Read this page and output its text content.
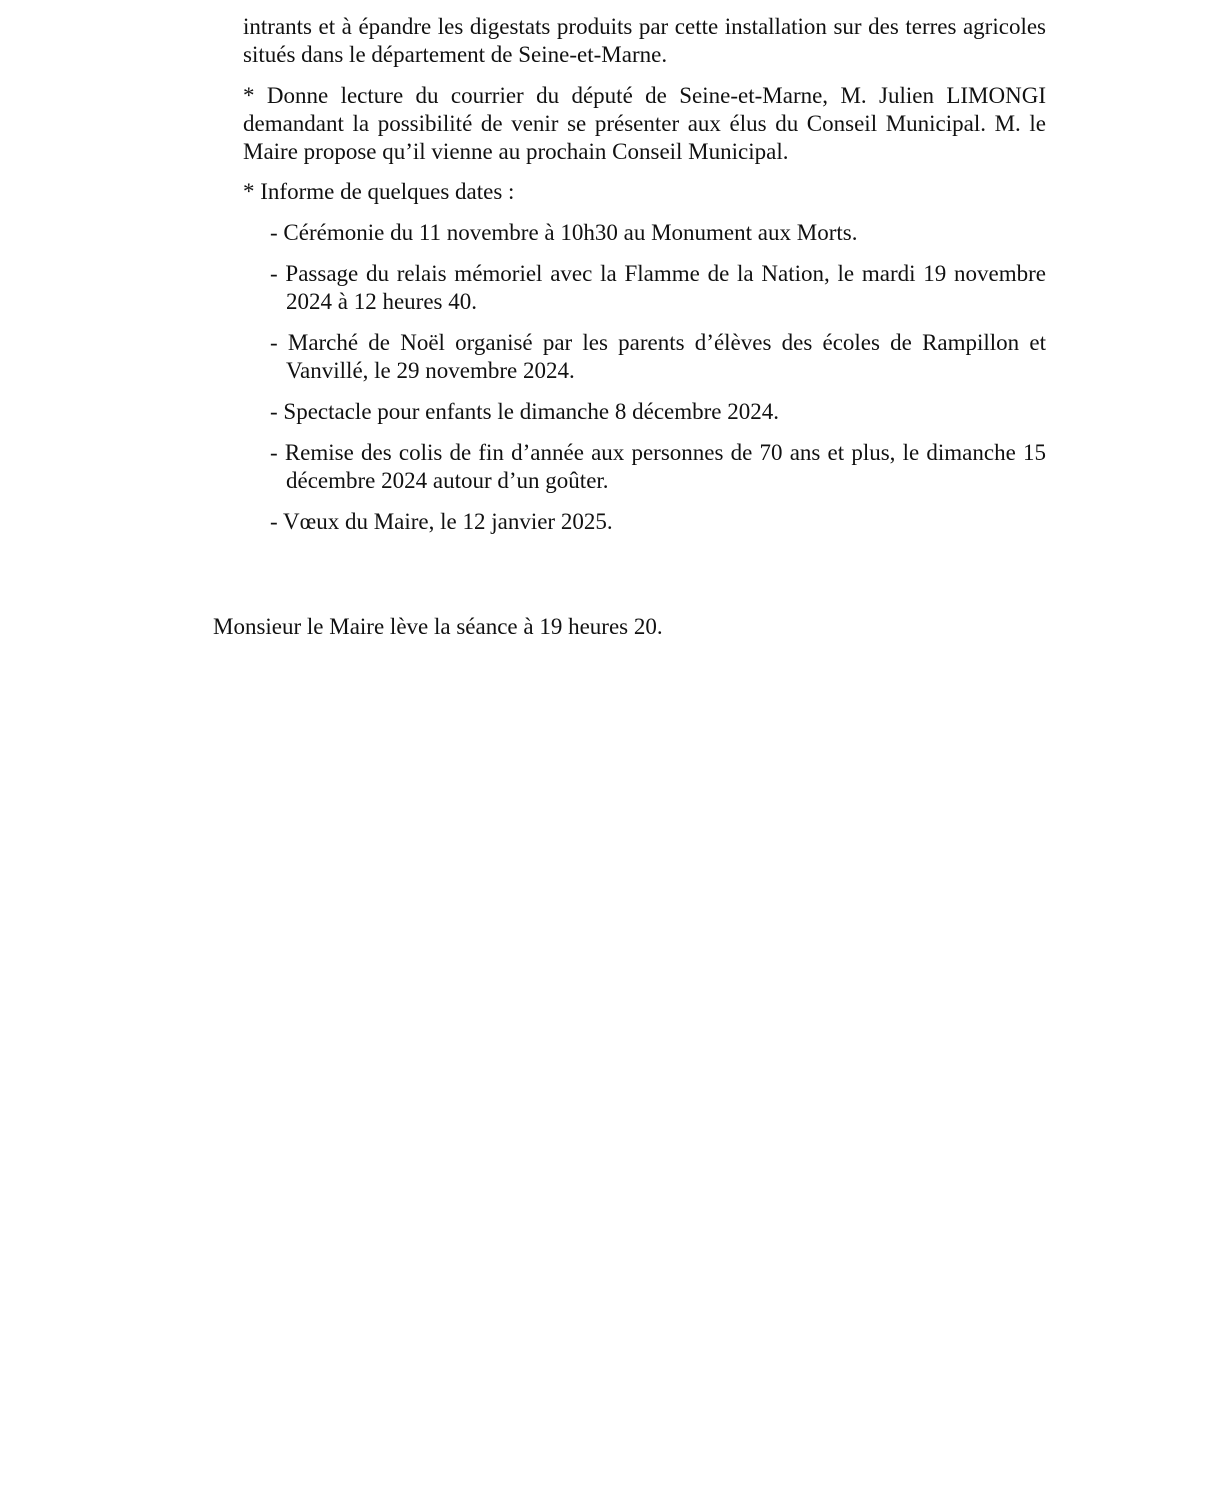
intrants et à épandre les digestats produits par cette installation sur des terres agricoles situés dans le département de Seine-et-Marne.

* Donne lecture du courrier du député de Seine-et-Marne, M. Julien LIMONGI demandant la possibilité de venir se présenter aux élus du Conseil Municipal. M. le Maire propose qu’il vienne au prochain Conseil Municipal.

* Informe de quelques dates :

- Cérémonie du 11 novembre à 10h30 au Monument aux Morts.
- Passage du relais mémoriel avec la Flamme de la Nation, le mardi 19 novembre 2024 à 12 heures 40.
- Marché de Noël organisé par les parents d’élèves des écoles de Rampillon et Vanvillé, le 29 novembre 2024.
- Spectacle pour enfants le dimanche 8 décembre 2024.
- Remise des colis de fin d’année aux personnes de 70 ans et plus, le dimanche 15 décembre 2024 autour d’un goûter.
- Vœux du Maire, le 12 janvier 2025.

Monsieur le Maire lève la séance à 19 heures 20.
